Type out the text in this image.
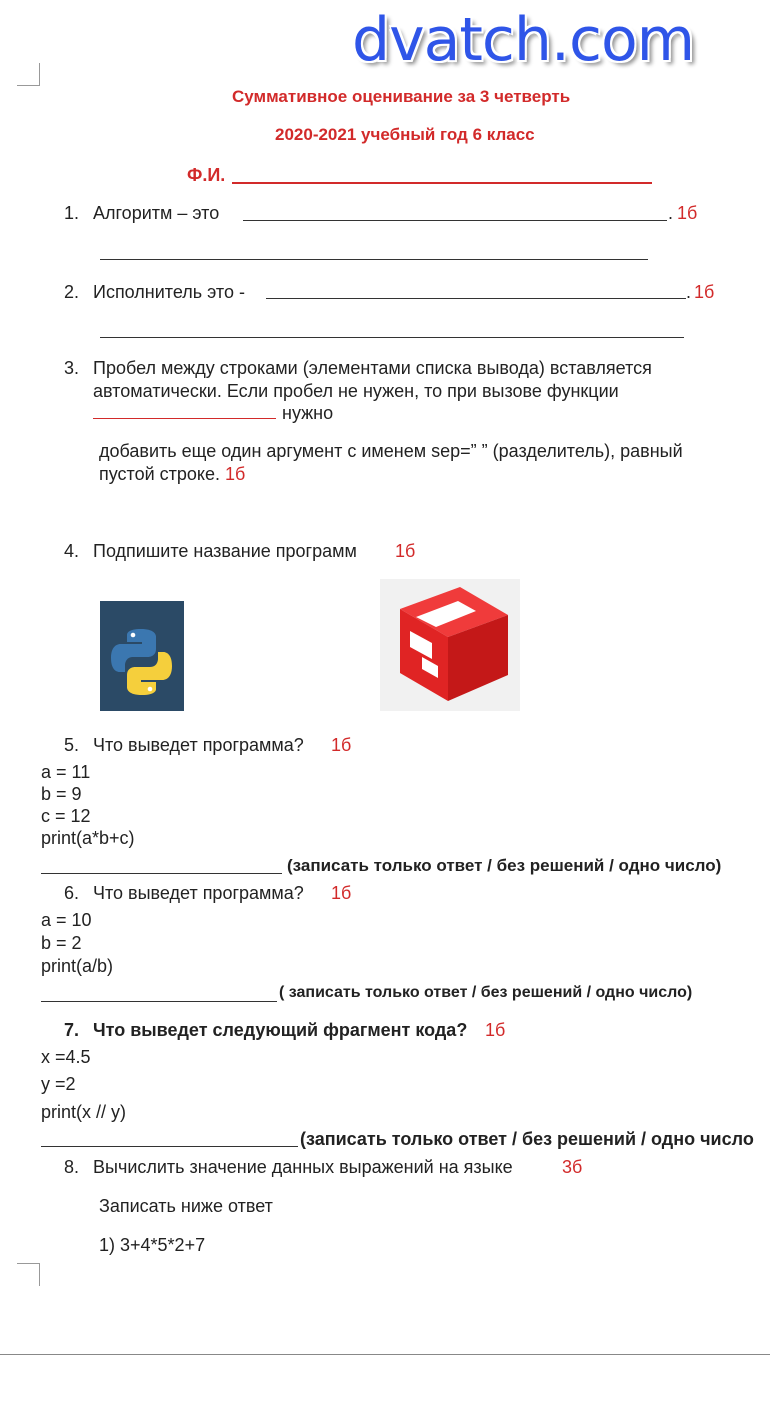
dvatch.com
Суммативное оценивание за 3 четверть
2020-2021 учебный год 6 класс
Ф.И.
1. Алгоритм – это	. 1б
2. Исполнитель это -	. 1б
3. Пробел между строками (элементами списка вывода) вставляется
автоматически. Если пробел не нужен, то при вызове функции
нужно
добавить еще один аргумент с именем sep=” ” (разделитель), равный
пустой строке. 1б
4. Подпишите название программ 1б
5. Что выведет программа? 1б
a = 11
b = 9
c = 12
print(a*b+c)
(записать только ответ / без решений / одно число)
6. Что выведет программа? 1б
a = 10
b = 2
print(a/b)
( записать только ответ / без решений / одно число)
7. Что выведет следующий фрагмент кода? 1б
x =4.5
y =2
print(x // y)
(записать только ответ / без решений / одно число
8. Вычислить значение данных выражений на языке	3б
Записать ниже ответ
1) 3+4*5*2+7
